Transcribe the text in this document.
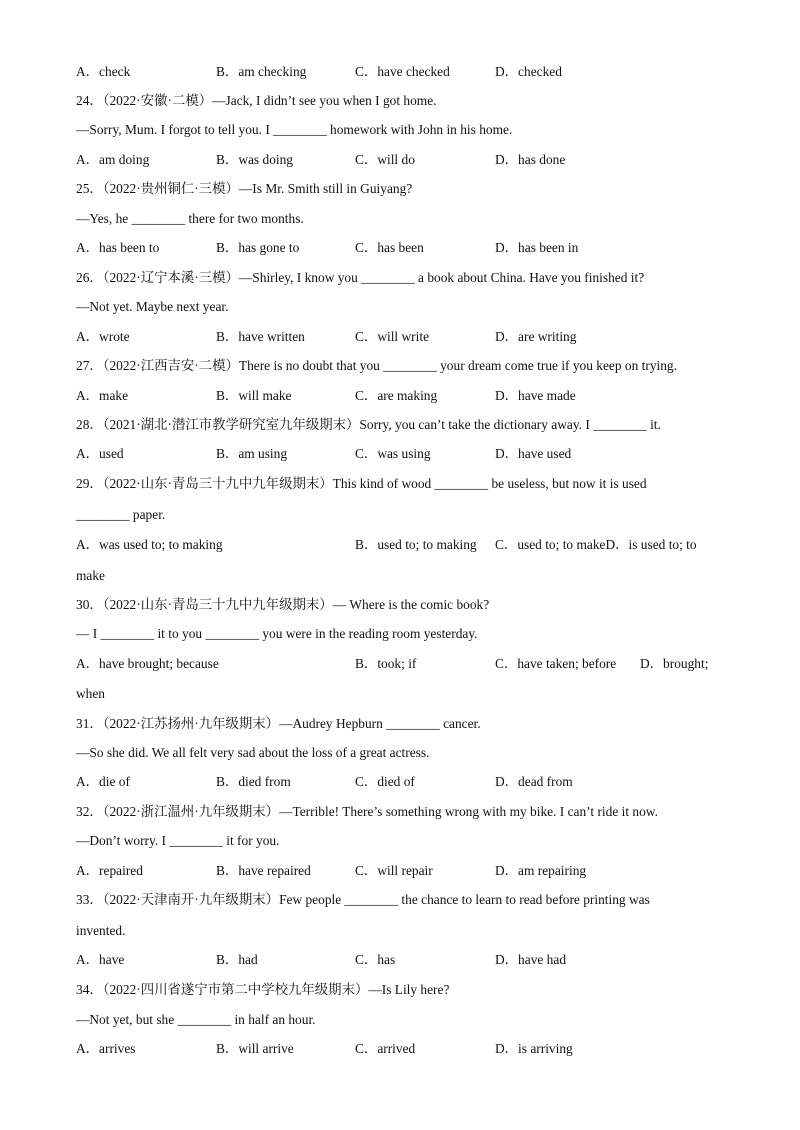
A．check	B．am checking	C．have checked	D．checked
24．（2022·安徽·二模）—Jack, I didn’t see you when I got home.
—Sorry, Mum. I forgot to tell you. I ________ homework with John in his home.
A．am doing	B．was doing	C．will do	D．has done
25．（2022·贵州铜仁·三模）—Is Mr. Smith still in Guiyang?
—Yes, he ________ there for two months.
A．has been to	B．has gone to	C．has been	D．has been in
26．（2022·辽宁本溪·三模）—Shirley, I know you ________ a book about China. Have you finished it?
—Not yet. Maybe next year.
A．wrote	B．have written	C．will write	D．are writing
27．（2022·江西吉安·二模）There is no doubt that you ________ your dream come true if you keep on trying.
A．make	B．will make	C．are making	D．have made
28．（2021·湖北·潜江市教学研究室九年级期末）Sorry, you can’t take the dictionary away. I ________ it.
A．used	B．am using	C．was using	D．have used
29．（2022·山东·青岛三十九中九年级期末）This kind of wood ________ be useless, but now it is used
________ paper.
A．was used to; to making	B．used to; to making C．used to; to makeD．is used to; to
make
30．（2022·山东·青岛三十九中九年级期末）— Where is the comic book?
— I ________ it to you ________ you were in the reading room yesterday.
A．have brought; because	B．took; if	C．have taken; before D．brought;
when
31．（2022·江苏扬州·九年级期末）—Audrey Hepburn ________ cancer.
—So she did. We all felt very sad about the loss of a great actress.
A．die of	B．died from	C．died of	D．dead from
32．（2022·浙江温州·九年级期末）—Terrible! There’s something wrong with my bike. I can’t ride it now.
—Don’t worry. I ________ it for you.
A．repaired	B．have repaired	C．will repair	D．am repairing
33．（2022·天津南开·九年级期末）Few people ________ the chance to learn to read before printing was
invented.
A．have	B．had	C．has	D．have had
34．（2022·四川省遂宁市第二中学校九年级期末）—Is Lily here?
—Not yet, but she ________ in half an hour.
A．arrives	B．will arrive	C．arrived	D．is arriving
